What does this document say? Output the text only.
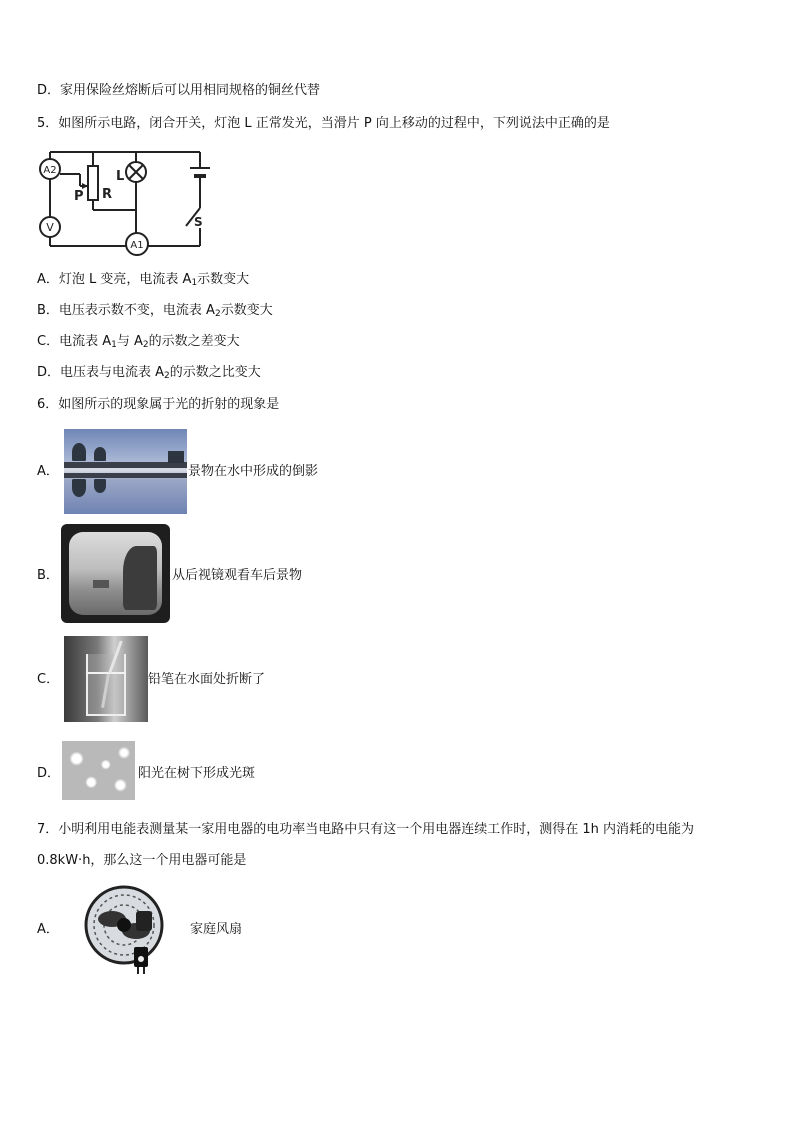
D．家用保险丝熔断后可以用相同规格的铜丝代替
5．如图所示电路，闭合开关，灯泡 L 正常发光，当滑片 P 向上移动的过程中，下列说法中正确的是
A2
V
A1
P R
L
S
A．灯泡 L 变亮，电流表 $A_1$示数变大
B．电压表示数不变，电流表 $A_2$示数变大
C．电流表 $A_1$与 $A_2$的示数之差变大
D．电压表与电流表 $A_2$的示数之比变大
6．如图所示的现象属于光的折射的现象是
A．	景物在水中形成的倒影
B．	从后视镜观看车后景物
C．	铅笔在水面处折断了
D．	阳光在树下形成光斑
7．小明利用电能表测量某一家用电器的电功率当电路中只有这一个用电器连续工作时，测得在 1h 内消耗的电能为
0.8kW·h，那么这一个用电器可能是
A．	家庭风扇
